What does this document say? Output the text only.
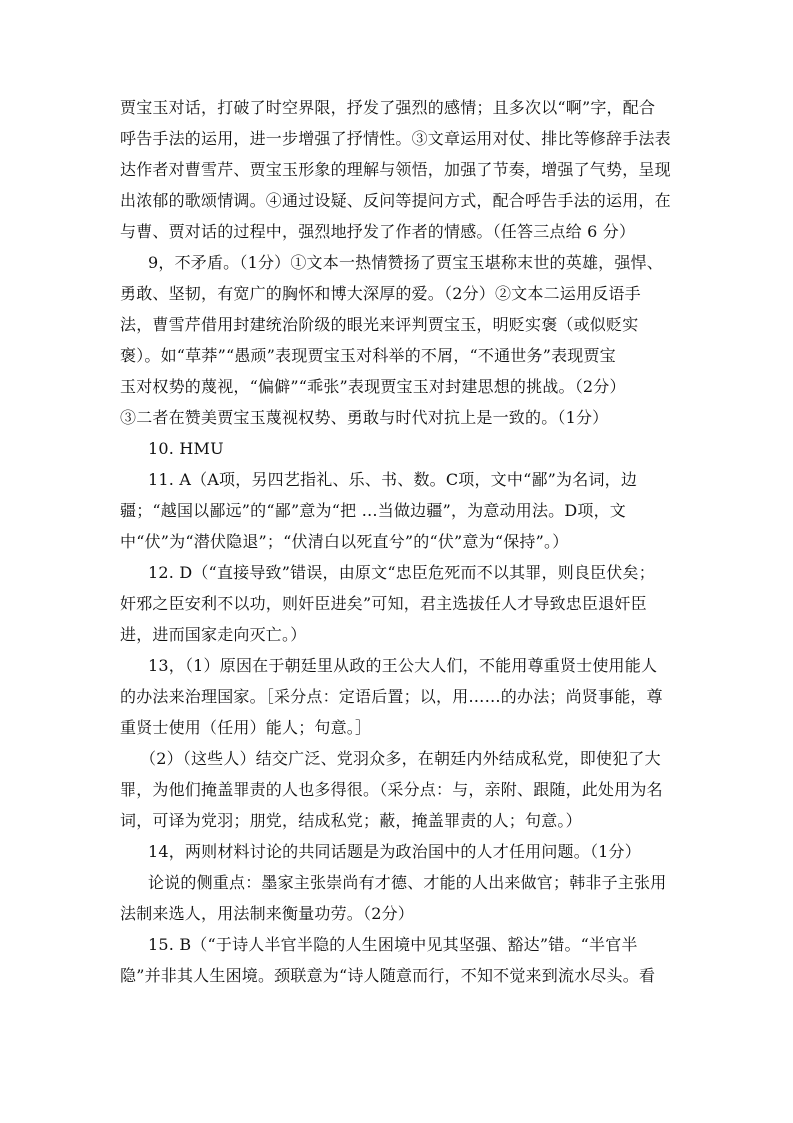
贾宝玉对话，打破了时空界限，抒发了强烈的感情；且多次以“啊”字，配合
呼告手法的运用，进一步增强了抒情性。③文章运用对仗、排比等修辞手法表
达作者对曹雪芹、贾宝玉形象的理解与领悟，加强了节奏，增强了气势，呈现
出浓郁的歌颂情调。④通过设疑、反问等提问方式，配合呼告手法的运用，在
与曹、贾对话的过程中，强烈地抒发了作者的情感。（任答三点给 6 分）
9，不矛盾。（1分）①文本一热情赞扬了贾宝玉堪称末世的英雄，强悍、
勇敢、坚韧，有宽广的胸怀和博大深厚的爱。（2分）②文本二运用反语手
法，曹雪芹借用封建统治阶级的眼光来评判贾宝玉，明贬实褒（或似贬实
褒）。如“草莽”“愚顽”表现贾宝玉对科举的不屑，“不通世务”表现贾宝
玉对权势的蔑视，“偏僻”“乖张”表现贾宝玉对封建思想的挑战。（2分）
③二者在赞美贾宝玉蔑视权势、勇敢与时代对抗上是一致的。（1分）
10. HMU
11. A（A项，另四艺指礼、乐、书、数。C项，文中“鄙”为名词，边
疆；“越国以鄙远”的“鄙”意为“把 …当做边疆”，为意动用法。D项，文
中“伏”为“潜伏隐退”；“伏清白以死直兮”的“伏”意为“保持”。）
12. D（“直接导致”错误，由原文“忠臣危死而不以其罪，则良臣伏矣；
奸邪之臣安利不以功，则奸臣进矣”可知，君主选拔任人才导致忠臣退奸臣
进，进而国家走向灭亡。）
13，（1）原因在于朝廷里从政的王公大人们，不能用尊重贤士使用能人
的办法来治理国家。［采分点：定语后置；以，用……的办法；尚贤事能，尊
重贤士使用（任用）能人；句意。］
（2）（这些人）结交广泛、党羽众多，在朝廷内外结成私党，即使犯了大
罪，为他们掩盖罪责的人也多得很。（采分点：与，亲附、跟随，此处用为名
词，可译为党羽；朋党，结成私党；蔽，掩盖罪责的人；句意。）
14，两则材料讨论的共同话题是为政治国中的人才任用问题。（1分）
论说的侧重点：墨家主张崇尚有才德、才能的人出来做官；韩非子主张用
法制来选人，用法制来衡量功劳。（2分）
15. B（“于诗人半官半隐的人生困境中见其坚强、豁达”错。“半官半
隐”并非其人生困境。颈联意为“诗人随意而行，不知不觉来到流水尽头。看
